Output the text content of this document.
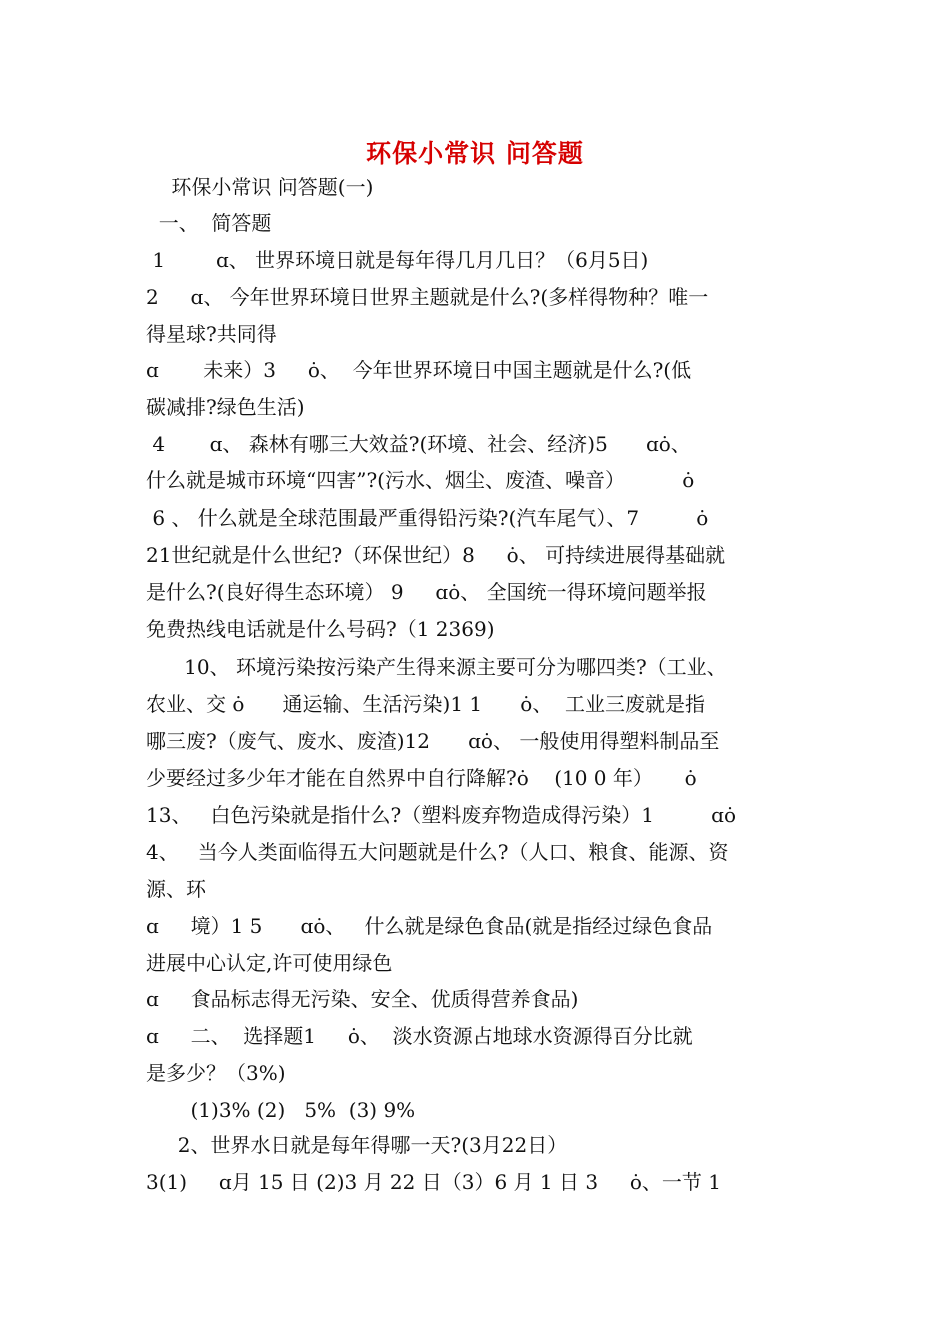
环保小常识 问答题
环保小常识 问答题(一)
一、  简答题
1        ɑ、 世界环境日就是每年得几月几日？（6月5日)
2     ɑ、 今年世界环境日世界主题就是什么?(多样得物种？唯一
得星球?共同得
ɑ       未来）3     ȯ、  今年世界环境日中国主题就是什么?(低
碳减排?绿色生活)
4       ɑ、 森林有哪三大效益?(环境、社会、经济)5      ɑȯ、
什么就是城市环境“四害”?(污水、烟尘、废渣、噪音）         ȯ
6 、 什么就是全球范围最严重得铅污染?(汽车尾气）、7         ȯ
21世纪就是什么世纪?（环保世纪）8     ȯ、 可持续进展得基础就
是什么?(良好得生态环境） 9     ɑȯ、 全国统一得环境问题举报
免费热线电话就是什么号码?（1 2369)
10、 环境污染按污染产生得来源主要可分为哪四类?（工业、
农业、交 ȯ      通运输、生活污染)1 1      ȯ、  工业三废就是指
哪三废?（废气、废水、废渣)12      ɑȯ、 一般使用得塑料制品至
少要经过多少年才能在自然界中自行降解?ȯ    (10 0 年）     ȯ
13、   白色污染就是指什么?（塑料废弃物造成得污染）1         ɑȯ
4、   当今人类面临得五大问题就是什么?（人口、粮食、能源、资
源、环
ɑ     境）1 5      ɑȯ、   什么就是绿色食品(就是指经过绿色食品
进展中心认定,许可使用绿色
ɑ     食品标志得无污染、安全、优质得营养食品)
ɑ     二、  选择题1     ȯ、  淡水资源占地球水资源得百分比就
是多少？（3%)
(1)3% (2)   5%  (3) 9%
2、世界水日就是每年得哪一天?(3月22日）
3(1)     ɑ月 15 日 (2)3 月 22 日（3）6 月 1 日 3     ȯ、一节 1
